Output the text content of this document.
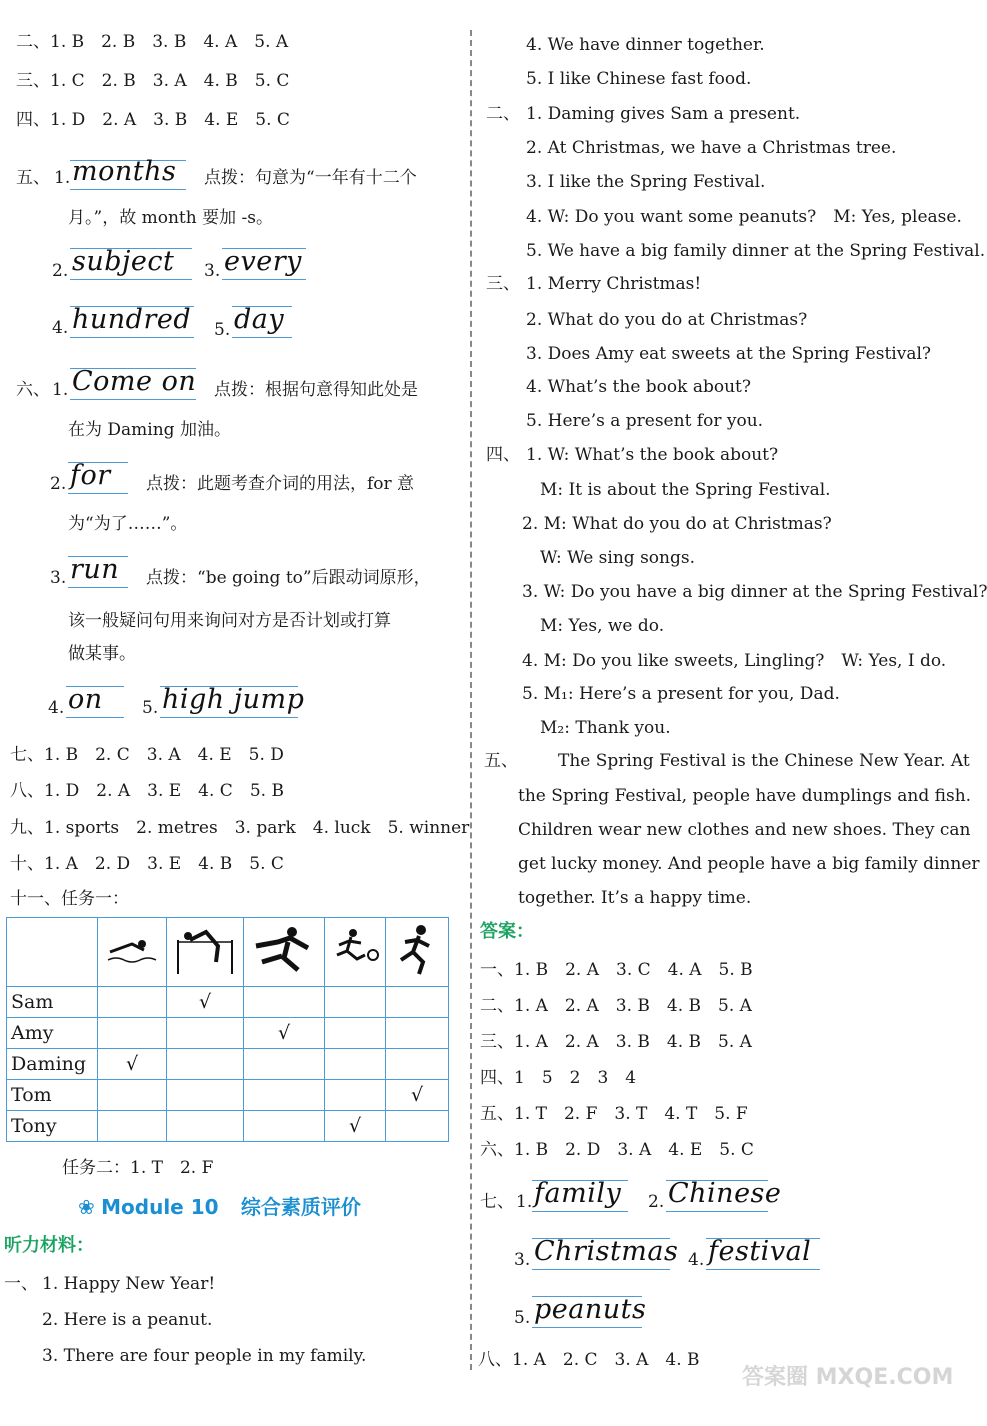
二、1. B　2. B　3. B　4. A　5. A
三、1. C　2. B　3. A　4. B　5. C
四、1. D　2. A　3. B　4. E　5. C
五、 1. months 点拨：句意为“一年有十二个
月。”，故 month 要加 -s。
2. subject 3. every
4. hundred 5. day
六、 1. Come on 点拨：根据句意得知此处是
在为 Daming 加油。
2. for 点拨：此题考查介词的用法，for 意
为“为了……”。
3. run 点拨：“be going to”后跟动词原形，
该一般疑问句用来询问对方是否计划或打算
做某事。
4. on 5. high jump
七、1. B　2. C　3. A　4. E　5. D
八、1. D　2. A　3. E　4. C　5. B
九、1. sports　2. metres　3. park　4. luck　5. winner
十、1. A　2. D　3. E　4. B　5. C
十一、任务一：

Sam		√			
Amy			√		
Daming	√				
Tom					√
Tony				√	
任务二：1. T　2. F
❀ Module 10 综合素质评价
听力材料：
一、 1. Happy New Year!
2. Here is a peanut.
3. There are four people in my family.
4. We have dinner together.
5. I like Chinese fast food.
二、 1. Daming gives Sam a present.
2. At Christmas, we have a Christmas tree.
3. I like the Spring Festival.
4. W: Do you want some peanuts?　M: Yes, please.
5. We have a big family dinner at the Spring Festival.
三、 1. Merry Christmas!
2. What do you do at Christmas?
3. Does Amy eat sweets at the Spring Festival?
4. What’s the book about?
5. Here’s a present for you.
四、 1. W: What’s the book about?
M: It is about the Spring Festival.
2. M: What do you do at Christmas?
W: We sing songs.
3. W: Do you have a big dinner at the Spring Festival?
M: Yes, we do.
4. M: Do you like sweets, Lingling?　W: Yes, I do.
5. M₁: Here’s a present for you, Dad.
M₂: Thank you.
五、 The Spring Festival is the Chinese New Year. At
the Spring Festival, people have dumplings and fish.
Children wear new clothes and new shoes. They can
get lucky money. And people have a big family dinner
together. It’s a happy time.
答案：
一、1. B　2. A　3. C　4. A　5. B
二、1. A　2. A　3. B　4. B　5. A
三、1. A　2. A　3. B　4. B　5. A
四、1　5　2　3　4
五、1. T　2. F　3. T　4. T　5. F
六、1. B　2. D　3. A　4. E　5. C
七、 1. family 2. Chinese
3. Christmas 4. festival
5. peanuts
八、1. A　2. C　3. A　4. B
答案圈 MXQE.COM
